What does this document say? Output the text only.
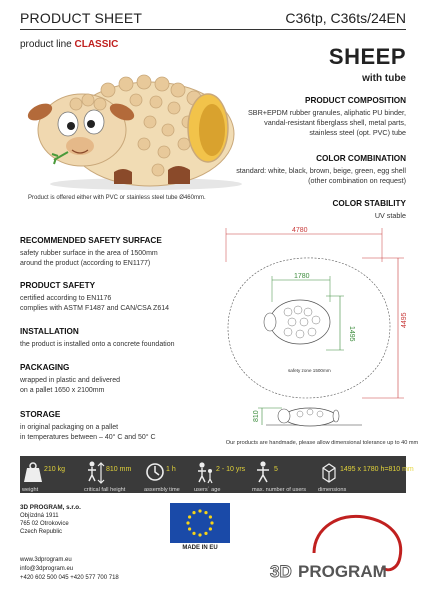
PRODUCT SHEET	C36tp, C36ts/24EN
product line CLASSIC	SHEEP
with tube
Product is offered either with PVC or stainless steel tube Ø460mm.
PRODUCT COMPOSITION
SBR+EPDM rubber granules, aliphatic PU binder,
vandal-resistant fiberglass shell, metal parts,
stainless steel (opt. PVC) tube
COLOR COMBINATION
standard: white, black, brown, beige, green, egg shell
(other combination on request)
COLOR STABILITY
UV stable
RECOMMENDED SAFETY SURFACE
safety rubber surface in the area of 1500mm
around the product (according to EN1177)
PRODUCT SAFETY
certified according to EN1176
complies with ASTM F1487 and CAN/CSA Z614
INSTALLATION
the product is installed onto a concrete foundation
PACKAGING
wrapped in plastic and delivered
on a pallet 1650 x 2100mm
STORAGE
in original packaging on a pallet
in temperatures between – 40° C and 50° C
4780
4495
safety zone 1500mm
1780
1495
810
Our products are handmade, please allow dimensional tolerance up to 40 mm
210 kg
weight
810 mm
critical fall height
1 h
assembly time
2 - 10 yrs
users´ age
5
max. number of users
1495 x 1780 h=810 mm
dimensions
3D PROGRAM, s.r.o.
Objízdná 1911
765 02 Otrokovice
Czech Republic
www.3dprogram.eu
info@3dprogram.eu
+420 602 500 045 +420 577 700 718
MADE IN EU
3D PROGRAM
